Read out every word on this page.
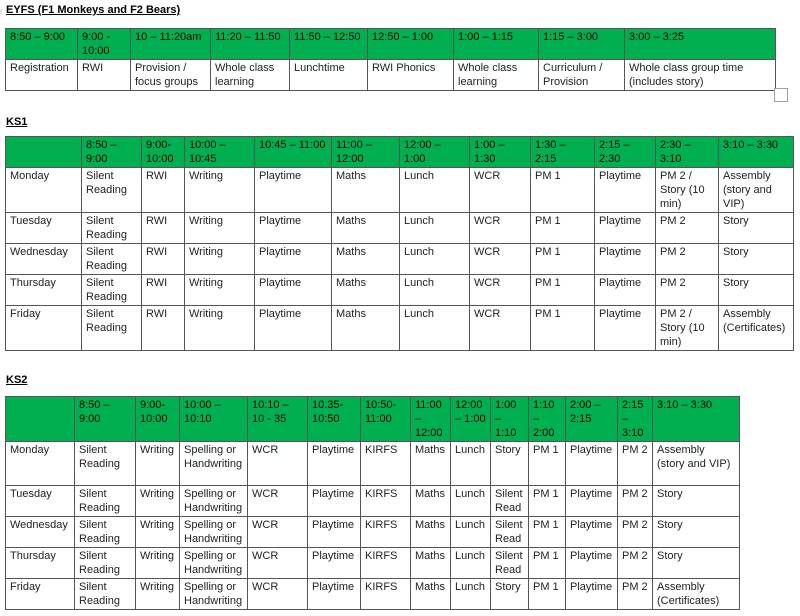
⁝ EYFS (F1 Monkeys and F2 Bears)
8:50 – 9:00	9:00 - 10:00	10 – 11:20am	11:20 – 11:50	11:50 – 12:50	12:50 – 1:00	1:00 – 1:15	1:15 – 3:00	3:00 – 3:25
Registration	RWI	Provision / focus groups	Whole class learning	Lunchtime	RWI Phonics	Whole class learning	Curriculum / Provision	Whole class group time (includes story)
KS1
	8:50 – 9:00	9:00- 10:00	10:00 – 10:45	10:45 – 11:00	11:00 – 12:00	12:00 – 1:00	1:00 – 1:30	1:30 – 2:15	2:15 – 2:30	2:30 – 3:10	3:10 – 3:30
Monday	Silent Reading	RWI	Writing	Playtime	Maths	Lunch	WCR	PM 1	Playtime	PM 2 / Story (10 min)	Assembly (story and VIP)
Tuesday	Silent Reading	RWI	Writing	Playtime	Maths	Lunch	WCR	PM 1	Playtime	PM 2	Story
Wednesday	Silent Reading	RWI	Writing	Playtime	Maths	Lunch	WCR	PM 1	Playtime	PM 2	Story
Thursday	Silent Reading	RWI	Writing	Playtime	Maths	Lunch	WCR	PM 1	Playtime	PM 2	Story
Friday	Silent Reading	RWI	Writing	Playtime	Maths	Lunch	WCR	PM 1	Playtime	PM 2 / Story (10 min)	Assembly (Certificates)
KS2
	8:50 – 9:00	9:00- 10:00	10:00 – 10:10	10:10 – 10 - 35	10.35- 10:50	10:50- 11:00	11:00 – 12:00	12:00 – 1:00	1:00 – 1:10	1:10 – 2:00	2:00 – 2:15	2:15 – 3:10	3:10 – 3:30
Monday	Silent Reading	Writing	Spelling or Handwriting	WCR	Playtime	KIRFS	Maths	Lunch	Story	PM 1	Playtime	PM 2	Assembly (story and VIP)
Tuesday	Silent Reading	Writing	Spelling or Handwriting	WCR	Playtime	KIRFS	Maths	Lunch	Silent Read	PM 1	Playtime	PM 2	Story
Wednesday	Silent Reading	Writing	Spelling or Handwriting	WCR	Playtime	KIRFS	Maths	Lunch	Silent Read	PM 1	Playtime	PM 2	Story
Thursday	Silent Reading	Writing	Spelling or Handwriting	WCR	Playtime	KIRFS	Maths	Lunch	Silent Read	PM 1	Playtime	PM 2	Story
Friday	Silent Reading	Writing	Spelling or Handwriting	WCR	Playtime	KIRFS	Maths	Lunch	Story	PM 1	Playtime	PM 2	Assembly (Certificates)
